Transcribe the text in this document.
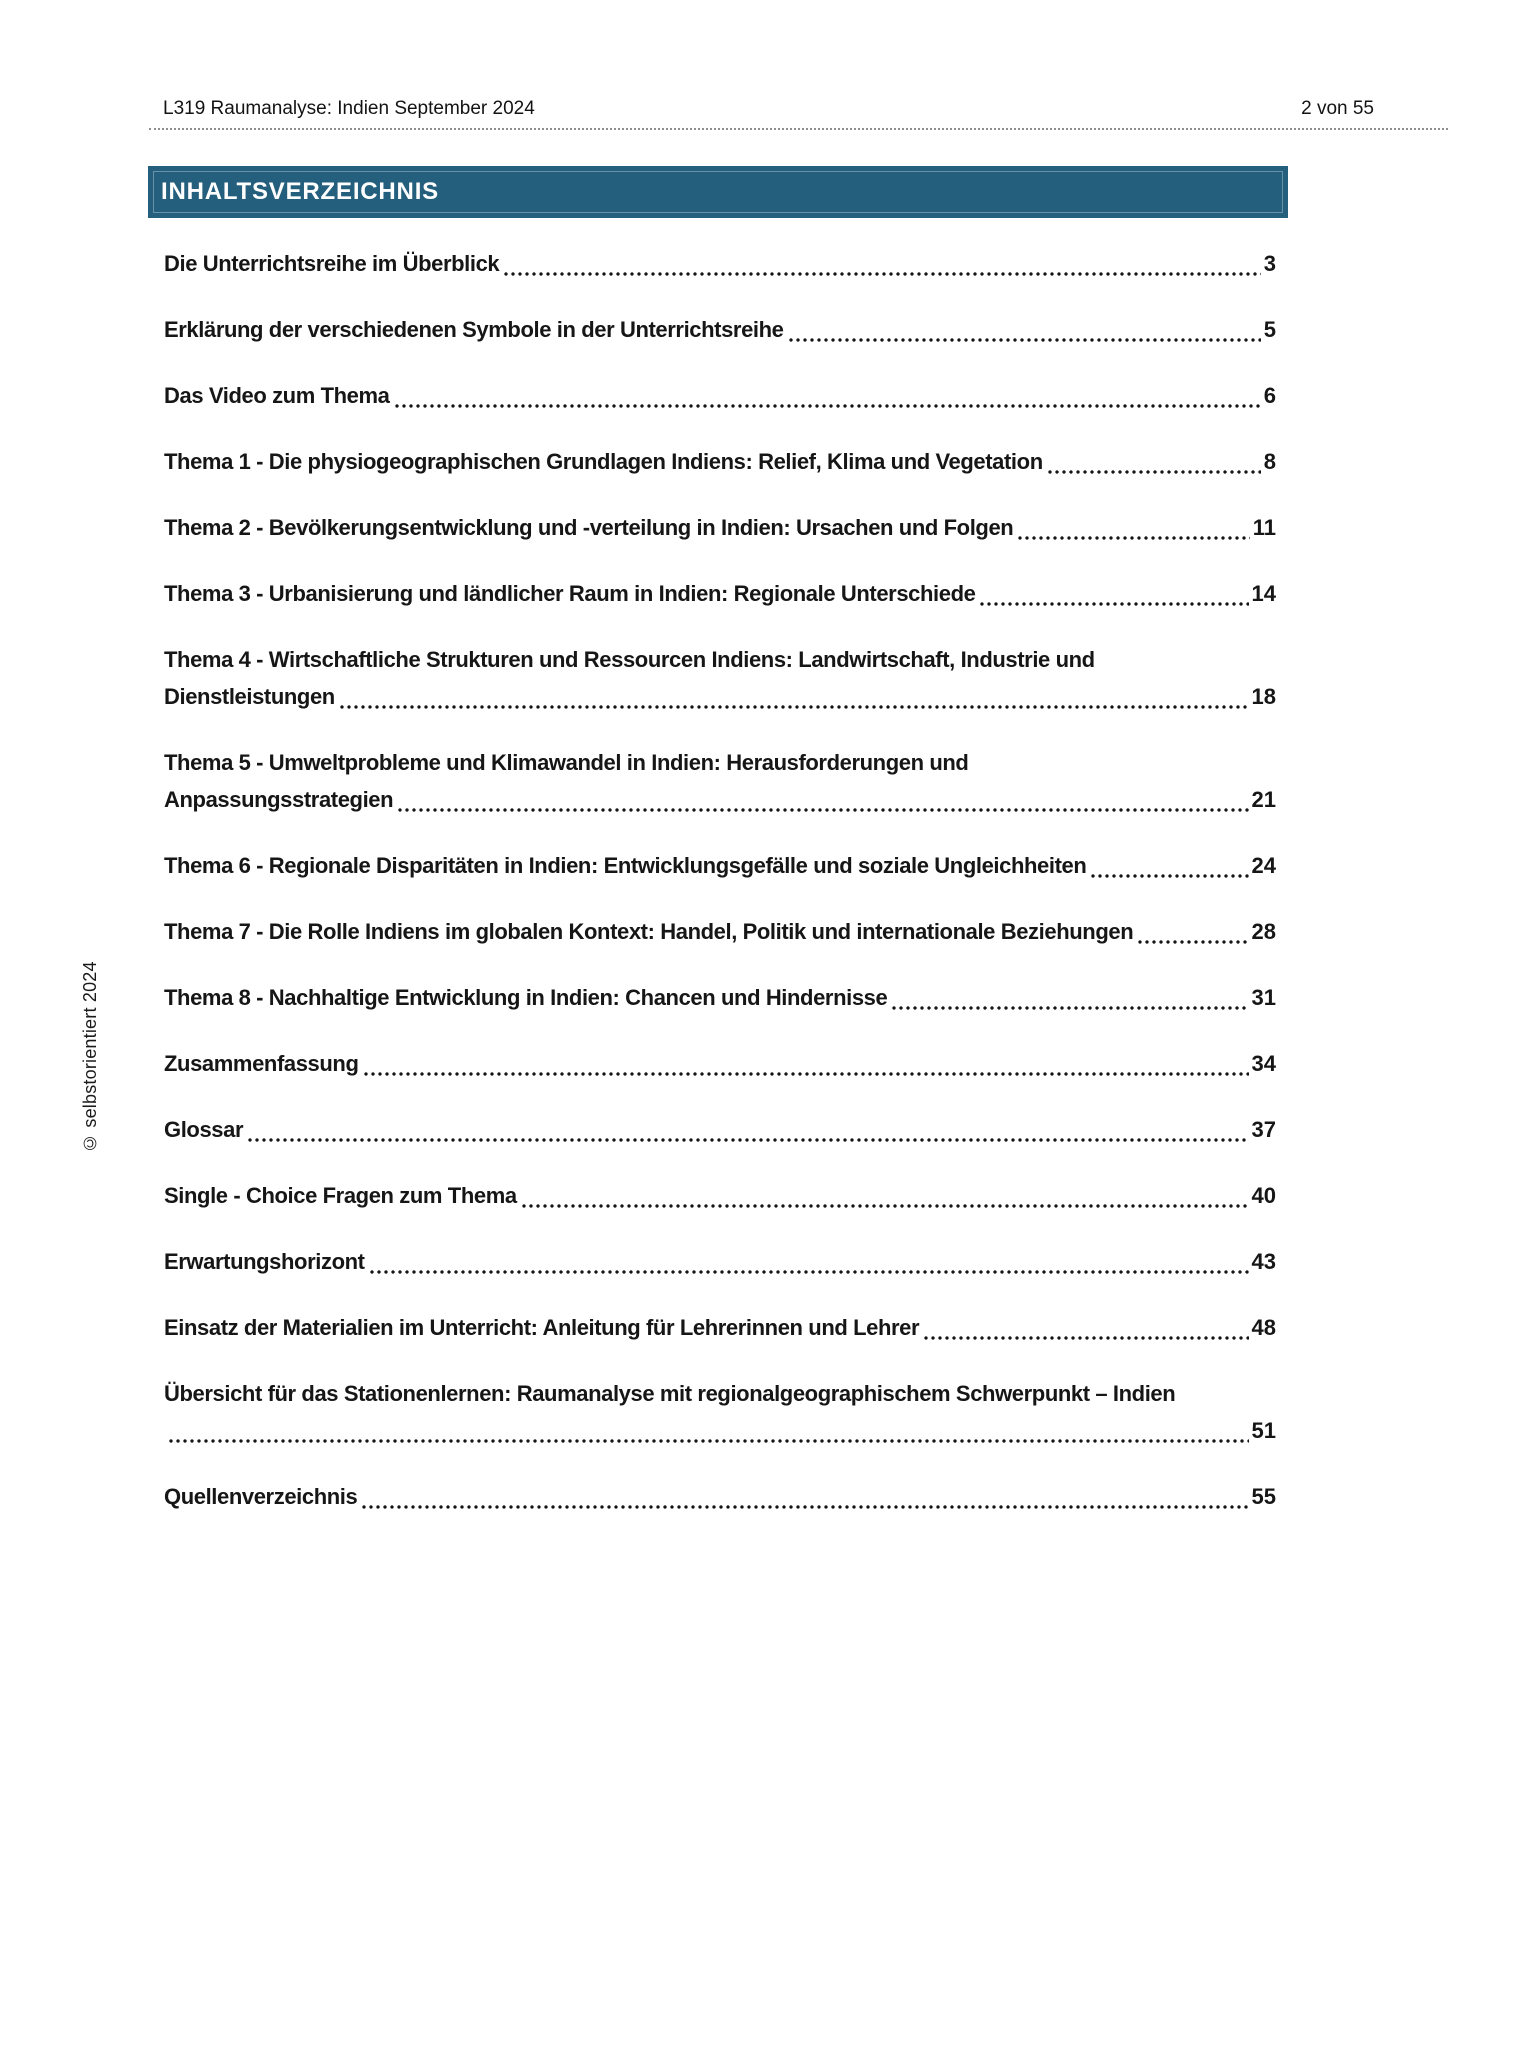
L319 Raumanalyse: Indien September 2024	2 von 55
INHALTSVERZEICHNIS
Die Unterrichtsreihe im Überblick	3
Erklärung der verschiedenen Symbole in der Unterrichtsreihe	5
Das Video zum Thema	6
Thema 1 - Die physiogeographischen Grundlagen Indiens: Relief, Klima und Vegetation	8
Thema 2 - Bevölkerungsentwicklung und -verteilung in Indien: Ursachen und Folgen	11
Thema 3 - Urbanisierung und ländlicher Raum in Indien: Regionale Unterschiede	14
Thema 4 - Wirtschaftliche Strukturen und Ressourcen Indiens: Landwirtschaft, Industrie und
Dienstleistungen	18
Thema 5 - Umweltprobleme und Klimawandel in Indien: Herausforderungen und
Anpassungsstrategien	21
Thema 6 - Regionale Disparitäten in Indien: Entwicklungsgefälle und soziale Ungleichheiten	24
Thema 7 - Die Rolle Indiens im globalen Kontext: Handel, Politik und internationale Beziehungen	28
Thema 8 - Nachhaltige Entwicklung in Indien: Chancen und Hindernisse	31
Zusammenfassung	34
Glossar	37
Single - Choice Fragen zum Thema	40
Erwartungshorizont	43
Einsatz der Materialien im Unterricht: Anleitung für Lehrerinnen und Lehrer	48
Übersicht für das Stationenlernen: Raumanalyse mit regionalgeographischem Schwerpunkt – Indien
51
Quellenverzeichnis	55
© selbstorientiert 2024
